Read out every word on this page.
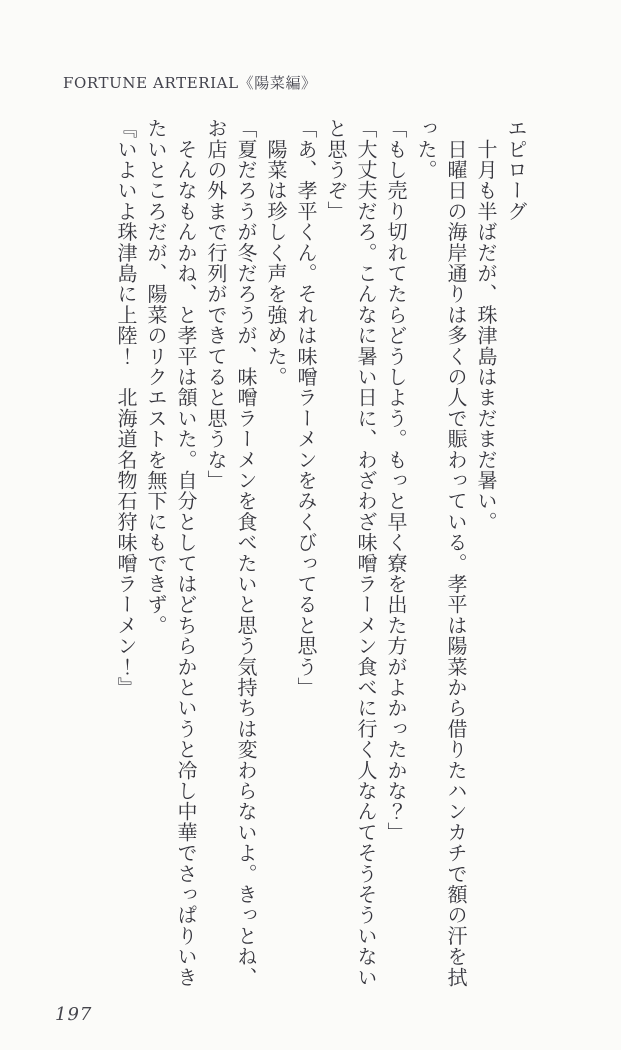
FORTUNE ARTERIAL《陽菜編》

エピローグ

　十月も半ばだが、珠津島はまだまだ暑い。

　日曜日の海岸通りは多くの人で賑わっている。孝平は陽菜から借りたハンカチで額の汗を拭った。

「もし売り切れてたらどうしよう。もっと早く寮を出た方がよかったかな？」

「大丈夫だろ。こんなに暑い日に、わざわざ味噌ラーメン食べに行く人なんてそうそういないと思うぞ」

「あ、孝平くん。それは味噌ラーメンをみくびってると思う」

　陽菜は珍しく声を強めた。

「夏だろうが冬だろうが、味噌ラーメンを食べたいと思う気持ちは変わらないよ。きっとね、お店の外まで行列ができてると思うな」

　そんなもんかね、と孝平は頷いた。自分としてはどちらかというと冷し中華でさっぱりいきたいところだが、陽菜のリクエストを無下にもできず。

『いよいよ珠津島に上陸！　北海道名物石狩味噌ラーメン！』

197
